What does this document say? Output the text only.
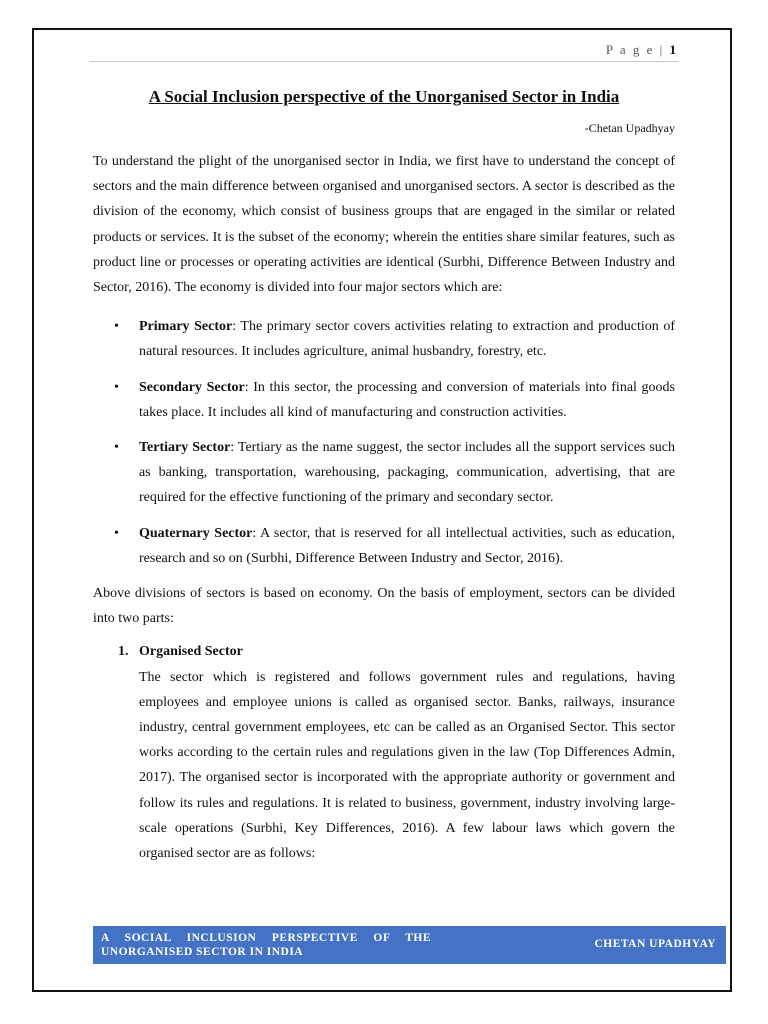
P a g e | 1
A Social Inclusion perspective of the Unorganised Sector in India
-Chetan Upadhyay

To understand the plight of the unorganised sector in India, we first have to understand the concept of sectors and the main difference between organised and unorganised sectors. A sector is described as the division of the economy, which consist of business groups that are engaged in the similar or related products or services. It is the subset of the economy; wherein the entities share similar features, such as product line or processes or operating activities are identical (Surbhi, Difference Between Industry and Sector, 2016). The economy is divided into four major sectors which are:

• Primary Sector: The primary sector covers activities relating to extraction and production of natural resources. It includes agriculture, animal husbandry, forestry, etc.
• Secondary Sector: In this sector, the processing and conversion of materials into final goods takes place. It includes all kind of manufacturing and construction activities.
• Tertiary Sector: Tertiary as the name suggest, the sector includes all the support services such as banking, transportation, warehousing, packaging, communication, advertising, that are required for the effective functioning of the primary and secondary sector.
• Quaternary Sector: A sector, that is reserved for all intellectual activities, such as education, research and so on (Surbhi, Difference Between Industry and Sector, 2016).

Above divisions of sectors is based on economy. On the basis of employment, sectors can be divided into two parts:

1. Organised Sector
The sector which is registered and follows government rules and regulations, having employees and employee unions is called as organised sector. Banks, railways, insurance industry, central government employees, etc can be called as an Organised Sector. This sector works according to the certain rules and regulations given in the law (Top Differences Admin, 2017). The organised sector is incorporated with the appropriate authority or government and follow its rules and regulations. It is related to business, government, industry involving large-scale operations (Surbhi, Key Differences, 2016). A few labour laws which govern the organised sector are as follows:
A SOCIAL INCLUSION PERSPECTIVE OF THE UNORGANISED SECTOR IN INDIA
CHETAN UPADHYAY
